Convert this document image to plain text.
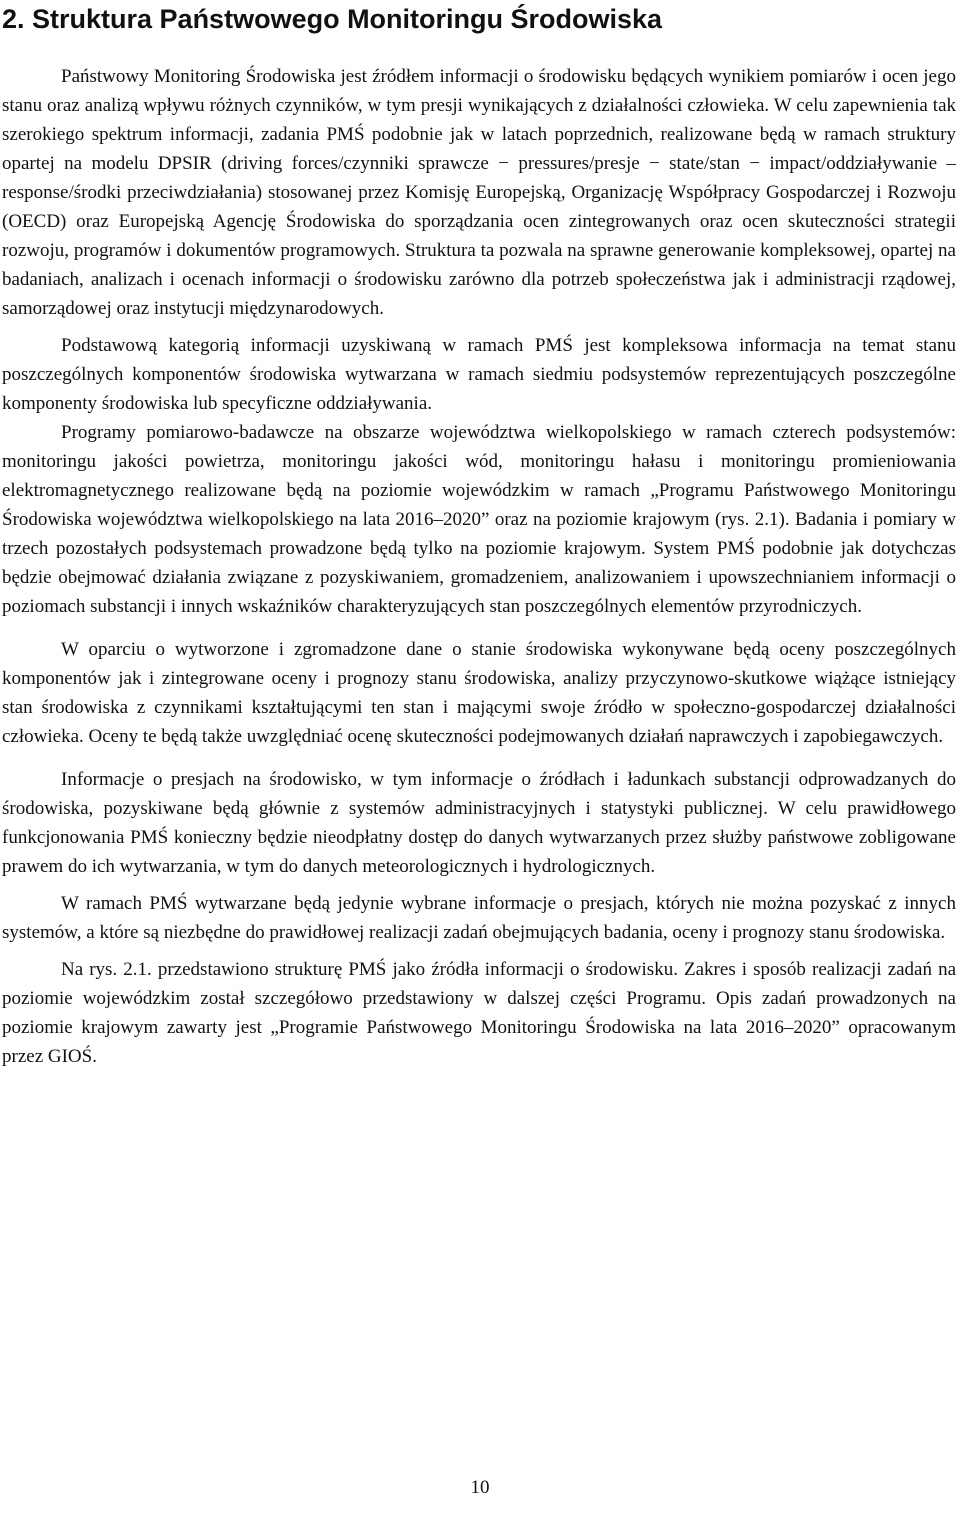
2. Struktura Państwowego Monitoringu Środowiska

Państwowy Monitoring Środowiska jest źródłem informacji o środowisku będących wynikiem pomiarów i ocen jego stanu oraz analizą wpływu różnych czynników, w tym presji wynikających z działalności człowieka. W celu zapewnienia tak szerokiego spektrum informacji, zadania PMŚ podobnie jak w latach poprzednich, realizowane będą w ramach struktury opartej na modelu DPSIR (driving forces/czynniki sprawcze − pressures/presje − state/stan − impact/oddziaływanie – response/środki przeciwdziałania) stosowanej przez Komisję Europejską, Organizację Współpracy Gospodarczej i Rozwoju (OECD) oraz Europejską Agencję Środowiska do sporządzania ocen zintegrowanych oraz ocen skuteczności strategii rozwoju, programów i dokumentów programowych. Struktura ta pozwala na sprawne generowanie kompleksowej, opartej na badaniach, analizach i ocenach informacji o środowisku zarówno dla potrzeb społeczeństwa jak i administracji rządowej, samorządowej oraz instytucji międzynarodowych.

Podstawową kategorią informacji uzyskiwaną w ramach PMŚ jest kompleksowa informacja na temat stanu poszczególnych komponentów środowiska wytwarzana w ramach siedmiu podsystemów reprezentujących poszczególne komponenty środowiska lub specyficzne oddziaływania.

Programy pomiarowo-badawcze na obszarze województwa wielkopolskiego w ramach czterech podsystemów: monitoringu jakości powietrza, monitoringu jakości wód, monitoringu hałasu i monitoringu promieniowania elektromagnetycznego realizowane będą na poziomie wojewódzkim w ramach „Programu Państwowego Monitoringu Środowiska województwa wielkopolskiego na lata 2016–2020” oraz na poziomie krajowym (rys. 2.1). Badania i pomiary w trzech pozostałych podsystemach prowadzone będą tylko na poziomie krajowym. System PMŚ podobnie jak dotychczas będzie obejmować działania związane z pozyskiwaniem, gromadzeniem, analizowaniem i upowszechnianiem informacji o poziomach substancji i innych wskaźników charakteryzujących stan poszczególnych elementów przyrodniczych.

W oparciu o wytworzone i zgromadzone dane o stanie środowiska wykonywane będą oceny poszczególnych komponentów jak i zintegrowane oceny i prognozy stanu środowiska, analizy przyczynowo-skutkowe wiążące istniejący stan środowiska z czynnikami kształtującymi ten stan i mającymi swoje źródło w społeczno-gospodarczej działalności człowieka. Oceny te będą także uwzględniać ocenę skuteczności podejmowanych działań naprawczych i zapobiegawczych.

Informacje o presjach na środowisko, w tym informacje o źródłach i ładunkach substancji odprowadzanych do środowiska, pozyskiwane będą głównie z systemów administracyjnych i statystyki publicznej. W celu prawidłowego funkcjonowania PMŚ konieczny będzie nieodpłatny dostęp do danych wytwarzanych przez służby państwowe zobligowane prawem do ich wytwarzania, w tym do danych meteorologicznych i hydrologicznych.

W ramach PMŚ wytwarzane będą jedynie wybrane informacje o presjach, których nie można pozyskać z innych systemów, a które są niezbędne do prawidłowej realizacji zadań obejmujących badania, oceny i prognozy stanu środowiska.

Na rys. 2.1. przedstawiono strukturę PMŚ jako źródła informacji o środowisku. Zakres i sposób realizacji zadań na poziomie wojewódzkim został szczegółowo przedstawiony w dalszej części Programu. Opis zadań prowadzonych na poziomie krajowym zawarty jest „Programie Państwowego Monitoringu Środowiska na lata 2016–2020” opracowanym przez GIOŚ.

10
